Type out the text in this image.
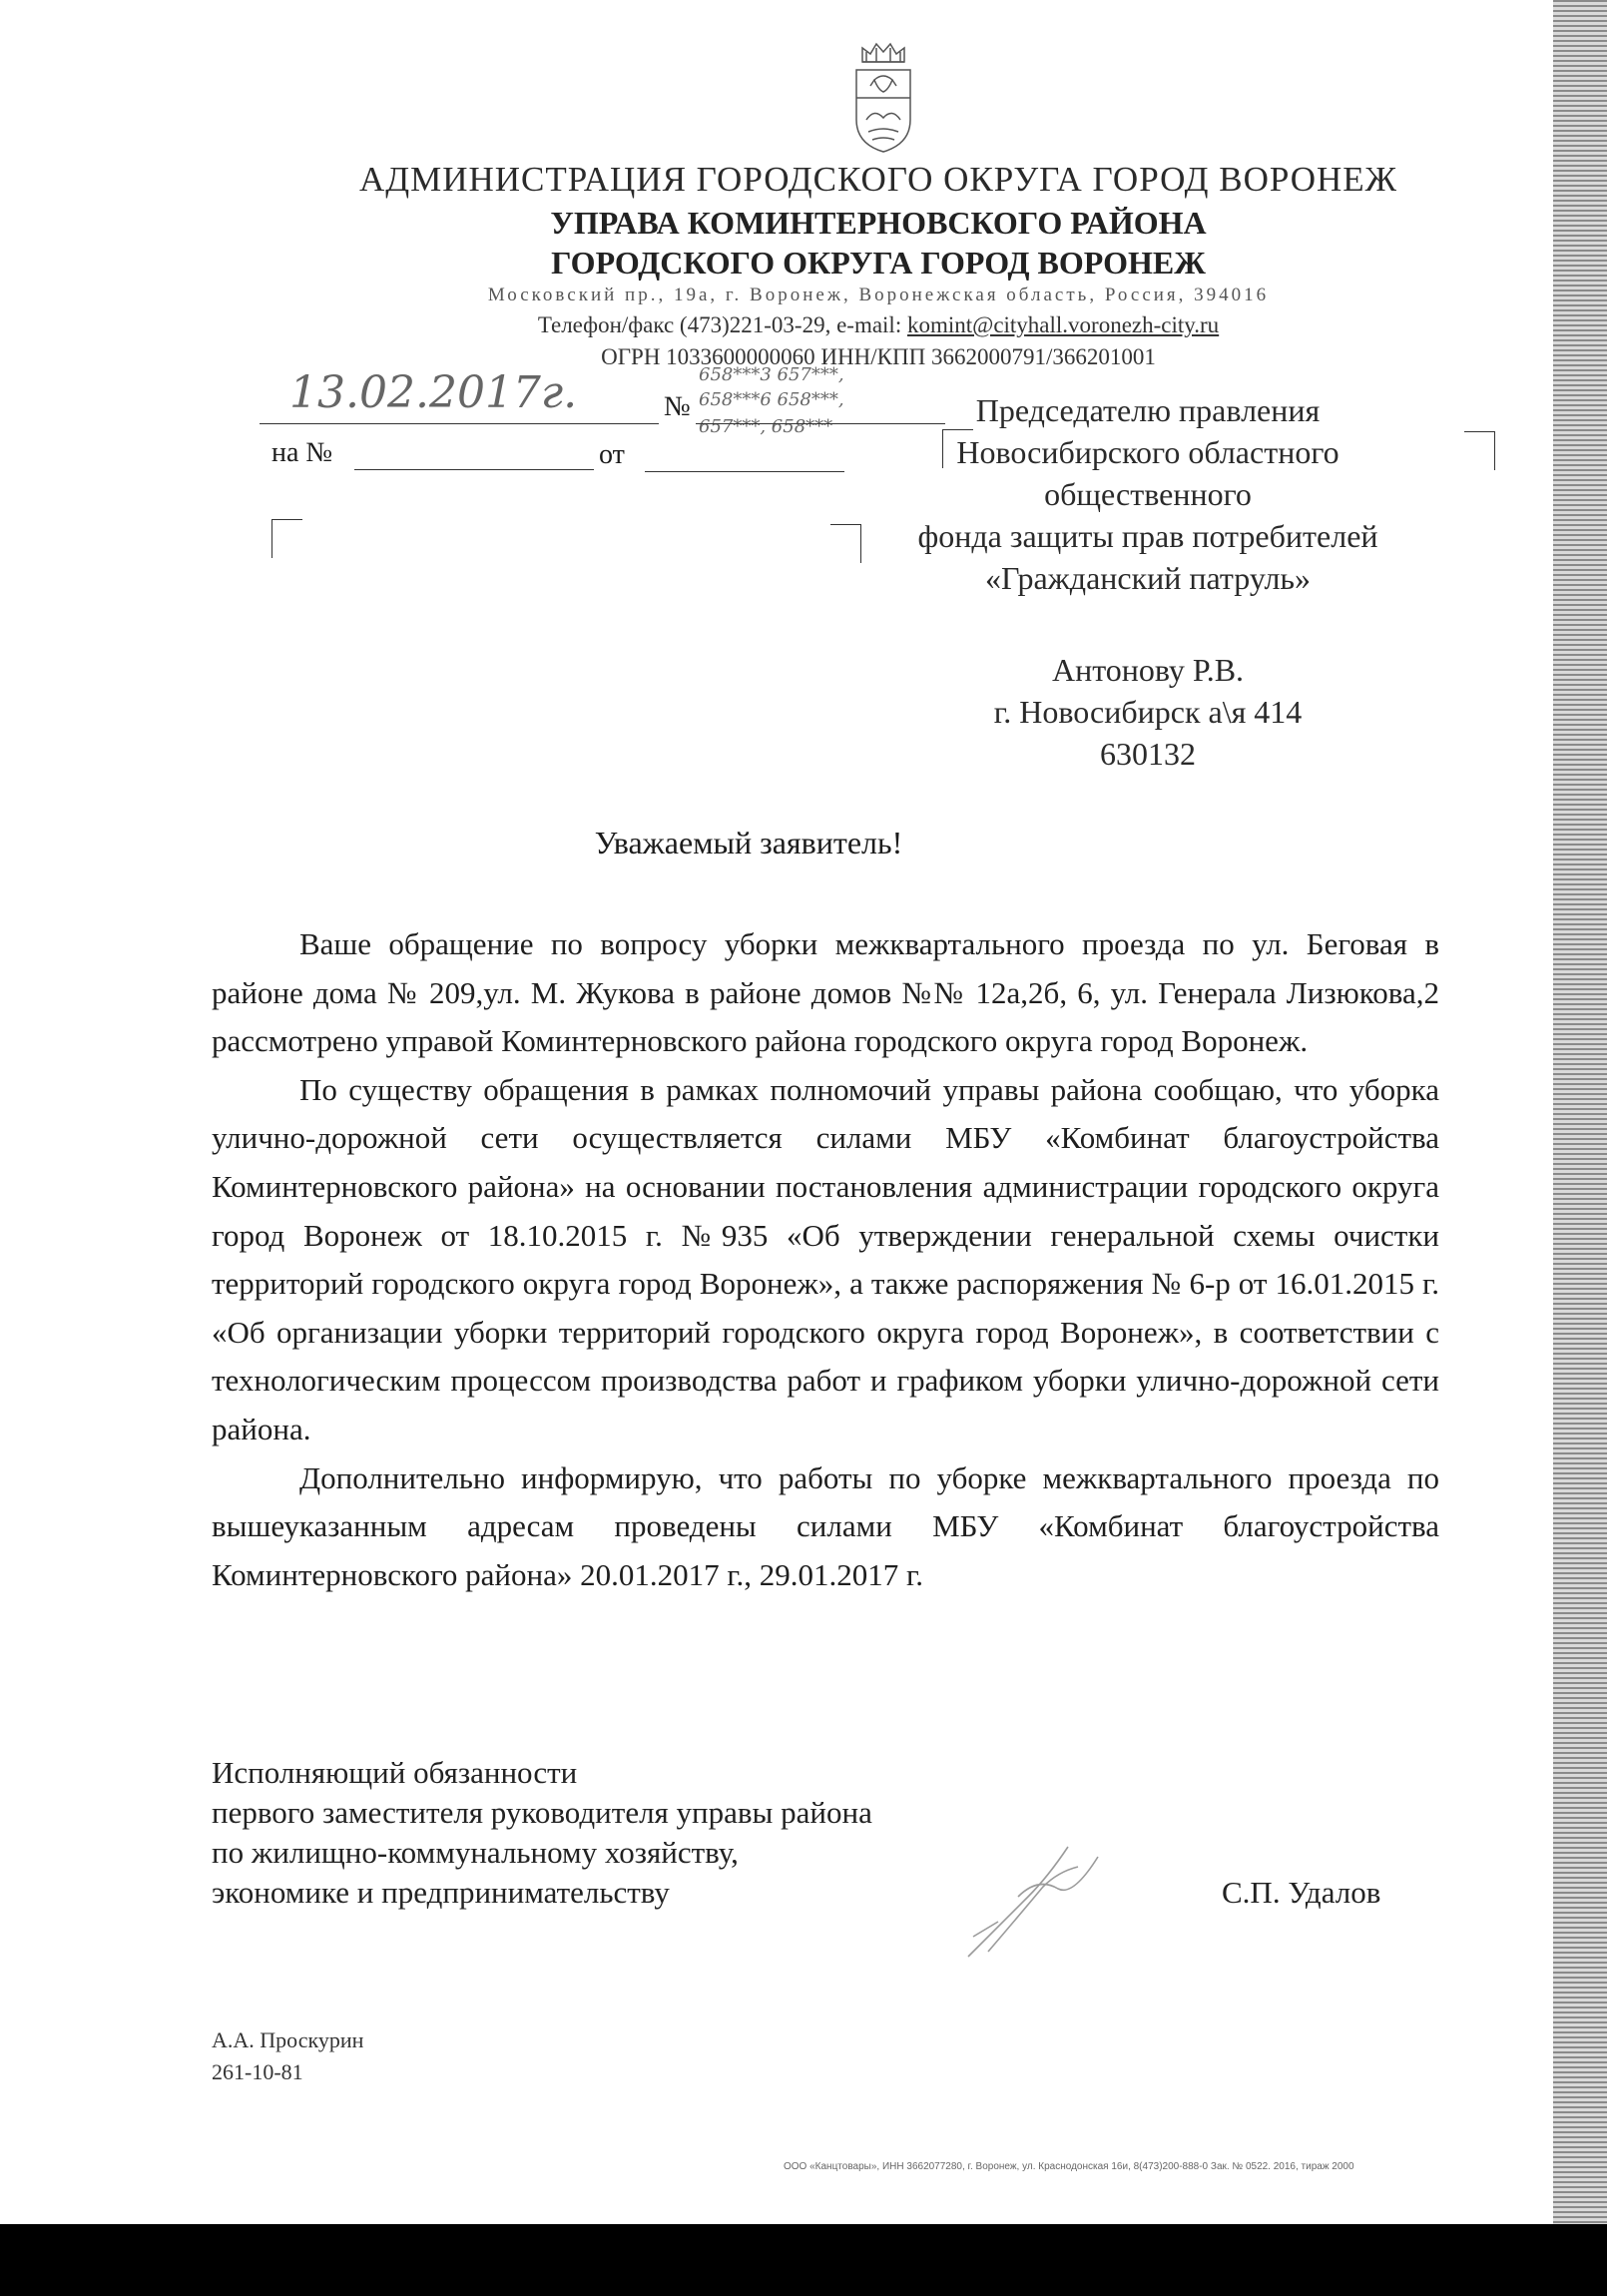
АДМИНИСТРАЦИЯ ГОРОДСКОГО ОКРУГА ГОРОД ВОРОНЕЖ
УПРАВА КОМИНТЕРНОВСКОГО РАЙОНА
ГОРОДСКОГО ОКРУГА ГОРОД ВОРОНЕЖ
Московский пр., 19а, г. Воронеж, Воронежская область, Россия, 394016
Телефон/факс (473)221-03-29, e-mail: komint@cityhall.voronezh-city.ru
ОГРН 1033600000060 ИНН/КПП 3662000791/366201001
13.02.2017г.	№
658***3 657***,
658***6 658***,
657***, 658***
на №	от
Председателю правления
Новосибирского областного
общественного
фонда защиты прав потребителей
«Гражданский патруль»
Антонову Р.В.
г. Новосибирск а\я 414
630132
Уважаемый заявитель!

Ваше обращение по вопросу уборки межквартального проезда по ул. Беговая в районе дома № 209,ул. М. Жукова в районе домов №№ 12а,2б, 6, ул. Генерала Лизюкова,2 рассмотрено управой Коминтерновского района городского округа город Воронеж.

По существу обращения в рамках полномочий управы района сообщаю, что уборка улично-дорожной сети осуществляется силами МБУ «Комбинат благоустройства Коминтерновского района» на основании постановления администрации городского округа город Воронеж от 18.10.2015 г. №935 «Об утверждении генеральной схемы очистки территорий городского округа город Воронеж», а также распоряжения № 6-р от 16.01.2015 г. «Об организации уборки территорий городского округа город Воронеж», в соответствии с технологическим процессом производства работ и графиком уборки улично-дорожной сети района.

Дополнительно информирую, что работы по уборке межквартального проезда по вышеуказанным адресам проведены силами МБУ «Комбинат благоустройства Коминтерновского района» 20.01.2017 г., 29.01.2017 г.

Исполняющий обязанности
первого заместителя руководителя управы района
по жилищно-коммунальному хозяйству,
экономике и предпринимательству	С.П. Удалов
А.А. Проскурин
261-10-81
ООО «Канцтовары», ИНН 3662077280, г. Воронеж, ул. Краснодонская 16и, 8(473)200-888-0 Зак. № 0522. 2016, тираж 2000
